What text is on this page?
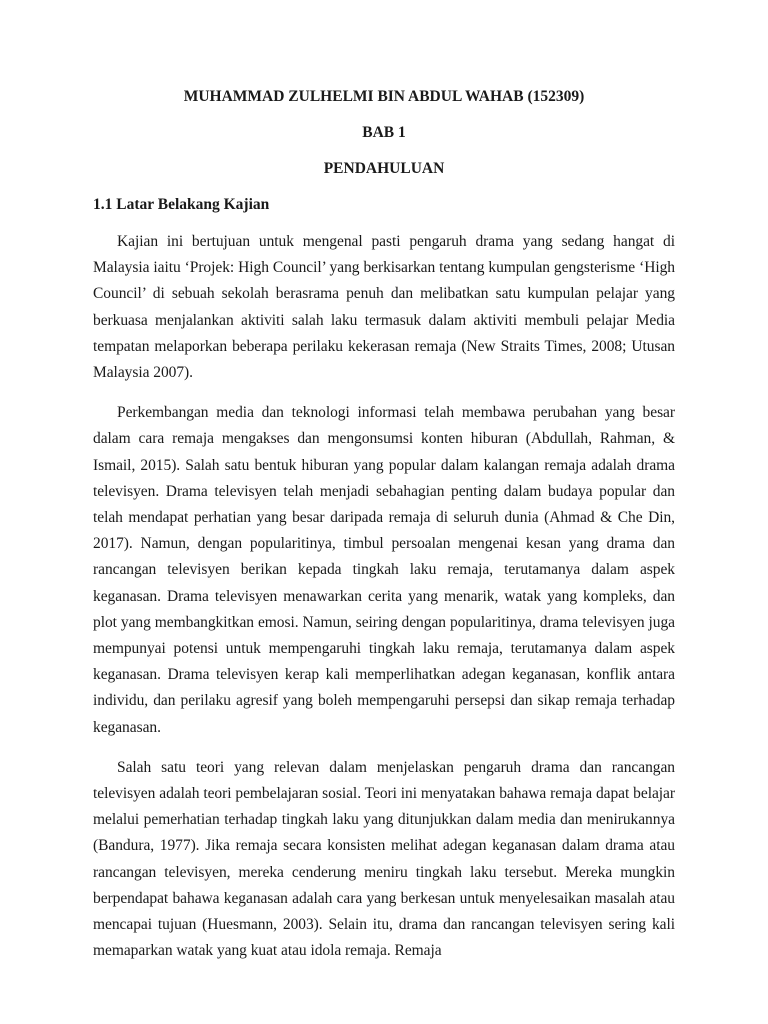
MUHAMMAD ZULHELMI BIN ABDUL WAHAB (152309)

BAB 1

PENDAHULUAN

1.1 Latar Belakang Kajian

Kajian ini bertujuan untuk mengenal pasti pengaruh drama yang sedang hangat di Malaysia iaitu ‘Projek: High Council’ yang berkisarkan tentang kumpulan gengsterisme ‘High Council’ di sebuah sekolah berasrama penuh dan melibatkan satu kumpulan pelajar yang berkuasa menjalankan aktiviti salah laku termasuk dalam aktiviti membuli pelajar Media tempatan melaporkan beberapa perilaku kekerasan remaja (New Straits Times, 2008; Utusan Malaysia 2007).

Perkembangan media dan teknologi informasi telah membawa perubahan yang besar dalam cara remaja mengakses dan mengonsumsi konten hiburan (Abdullah, Rahman, & Ismail, 2015). Salah satu bentuk hiburan yang popular dalam kalangan remaja adalah drama televisyen. Drama televisyen telah menjadi sebahagian penting dalam budaya popular dan telah mendapat perhatian yang besar daripada remaja di seluruh dunia (Ahmad & Che Din, 2017). Namun, dengan popularitinya, timbul persoalan mengenai kesan yang drama dan rancangan televisyen berikan kepada tingkah laku remaja, terutamanya dalam aspek keganasan. Drama televisyen menawarkan cerita yang menarik, watak yang kompleks, dan plot yang membangkitkan emosi. Namun, seiring dengan popularitinya, drama televisyen juga mempunyai potensi untuk mempengaruhi tingkah laku remaja, terutamanya dalam aspek keganasan. Drama televisyen kerap kali memperlihatkan adegan keganasan, konflik antara individu, dan perilaku agresif yang boleh mempengaruhi persepsi dan sikap remaja terhadap keganasan.

Salah satu teori yang relevan dalam menjelaskan pengaruh drama dan rancangan televisyen adalah teori pembelajaran sosial. Teori ini menyatakan bahawa remaja dapat belajar melalui pemerhatian terhadap tingkah laku yang ditunjukkan dalam media dan menirukannya (Bandura, 1977). Jika remaja secara konsisten melihat adegan keganasan dalam drama atau rancangan televisyen, mereka cenderung meniru tingkah laku tersebut. Mereka mungkin berpendapat bahawa keganasan adalah cara yang berkesan untuk menyelesaikan masalah atau mencapai tujuan (Huesmann, 2003). Selain itu, drama dan rancangan televisyen sering kali memaparkan watak yang kuat atau idola remaja. Remaja
